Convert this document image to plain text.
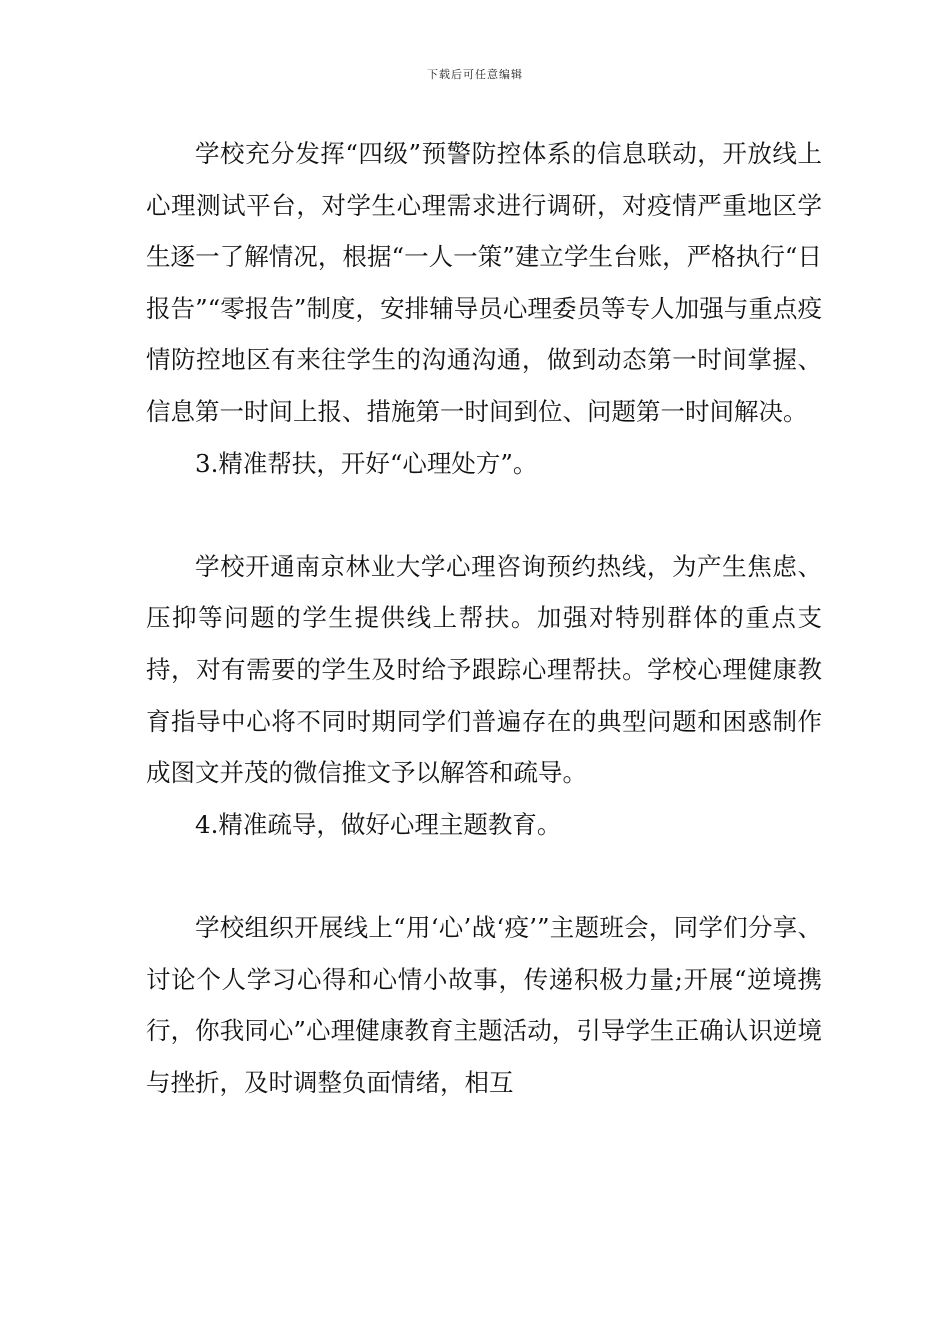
下载后可任意编辑

学校充分发挥“四级”预警防控体系的信息联动，开放线上心理测试平台，对学生心理需求进行调研，对疫情严重地区学生逐一了解情况，根据“一人一策”建立学生台账，严格执行“日报告”“零报告”制度，安排辅导员心理委员等专人加强与重点疫情防控地区有来往学生的沟通沟通，做到动态第一时间掌握、信息第一时间上报、措施第一时间到位、问题第一时间解决。

3.精准帮扶，开好“心理处方”。

学校开通南京林业大学心理咨询预约热线，为产生焦虑、压抑等问题的学生提供线上帮扶。加强对特别群体的重点支持，对有需要的学生及时给予跟踪心理帮扶。学校心理健康教育指导中心将不同时期同学们普遍存在的典型问题和困惑制作成图文并茂的微信推文予以解答和疏导。

4.精准疏导，做好心理主题教育。

学校组织开展线上“用‘心’战‘疫’”主题班会，同学们分享、讨论个人学习心得和心情小故事，传递积极力量;开展“逆境携行，你我同心”心理健康教育主题活动，引导学生正确认识逆境与挫折，及时调整负面情绪，相互
